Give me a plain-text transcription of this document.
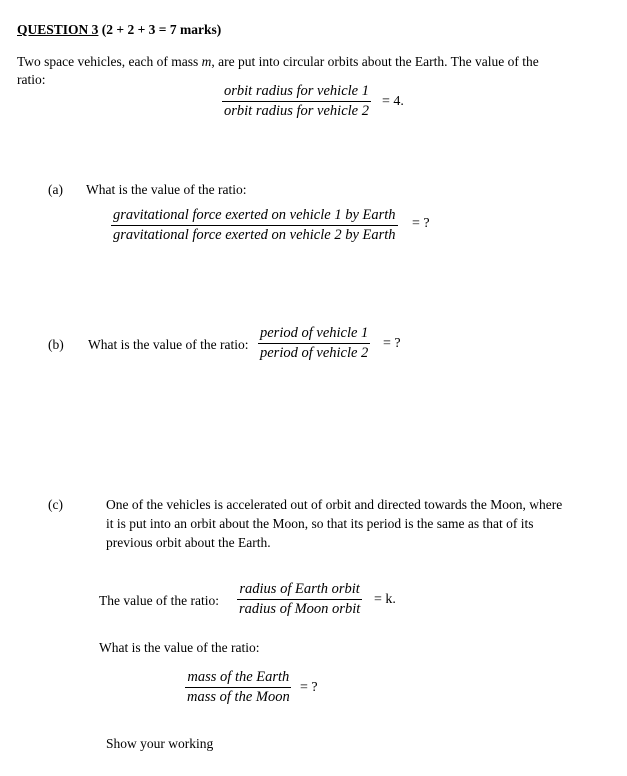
QUESTION 3 (2 + 2 + 3 = 7 marks)
Two space vehicles, each of mass m, are put into circular orbits about the Earth. The value of the
ratio:
orbit radius for vehicle 1
orbit radius for vehicle 2
= 4.
(a) What is the value of the ratio:
gravitational force exerted on vehicle 1 by Earth
gravitational force exerted on vehicle 2 by Earth
= ?
(b) What is the value of the ratio:
period of vehicle 1
period of vehicle 2
= ?
(c)	One of the vehicles is accelerated out of orbit and directed towards the Moon, where
it is put into an orbit about the Moon, so that its period is the same as that of its
previous orbit about the Earth.
The value of the ratio:
radius of Earth orbit
radius of Moon orbit
= k.
What is the value of the ratio:
mass of the Earth
mass of the Moon
= ?
Show your working
